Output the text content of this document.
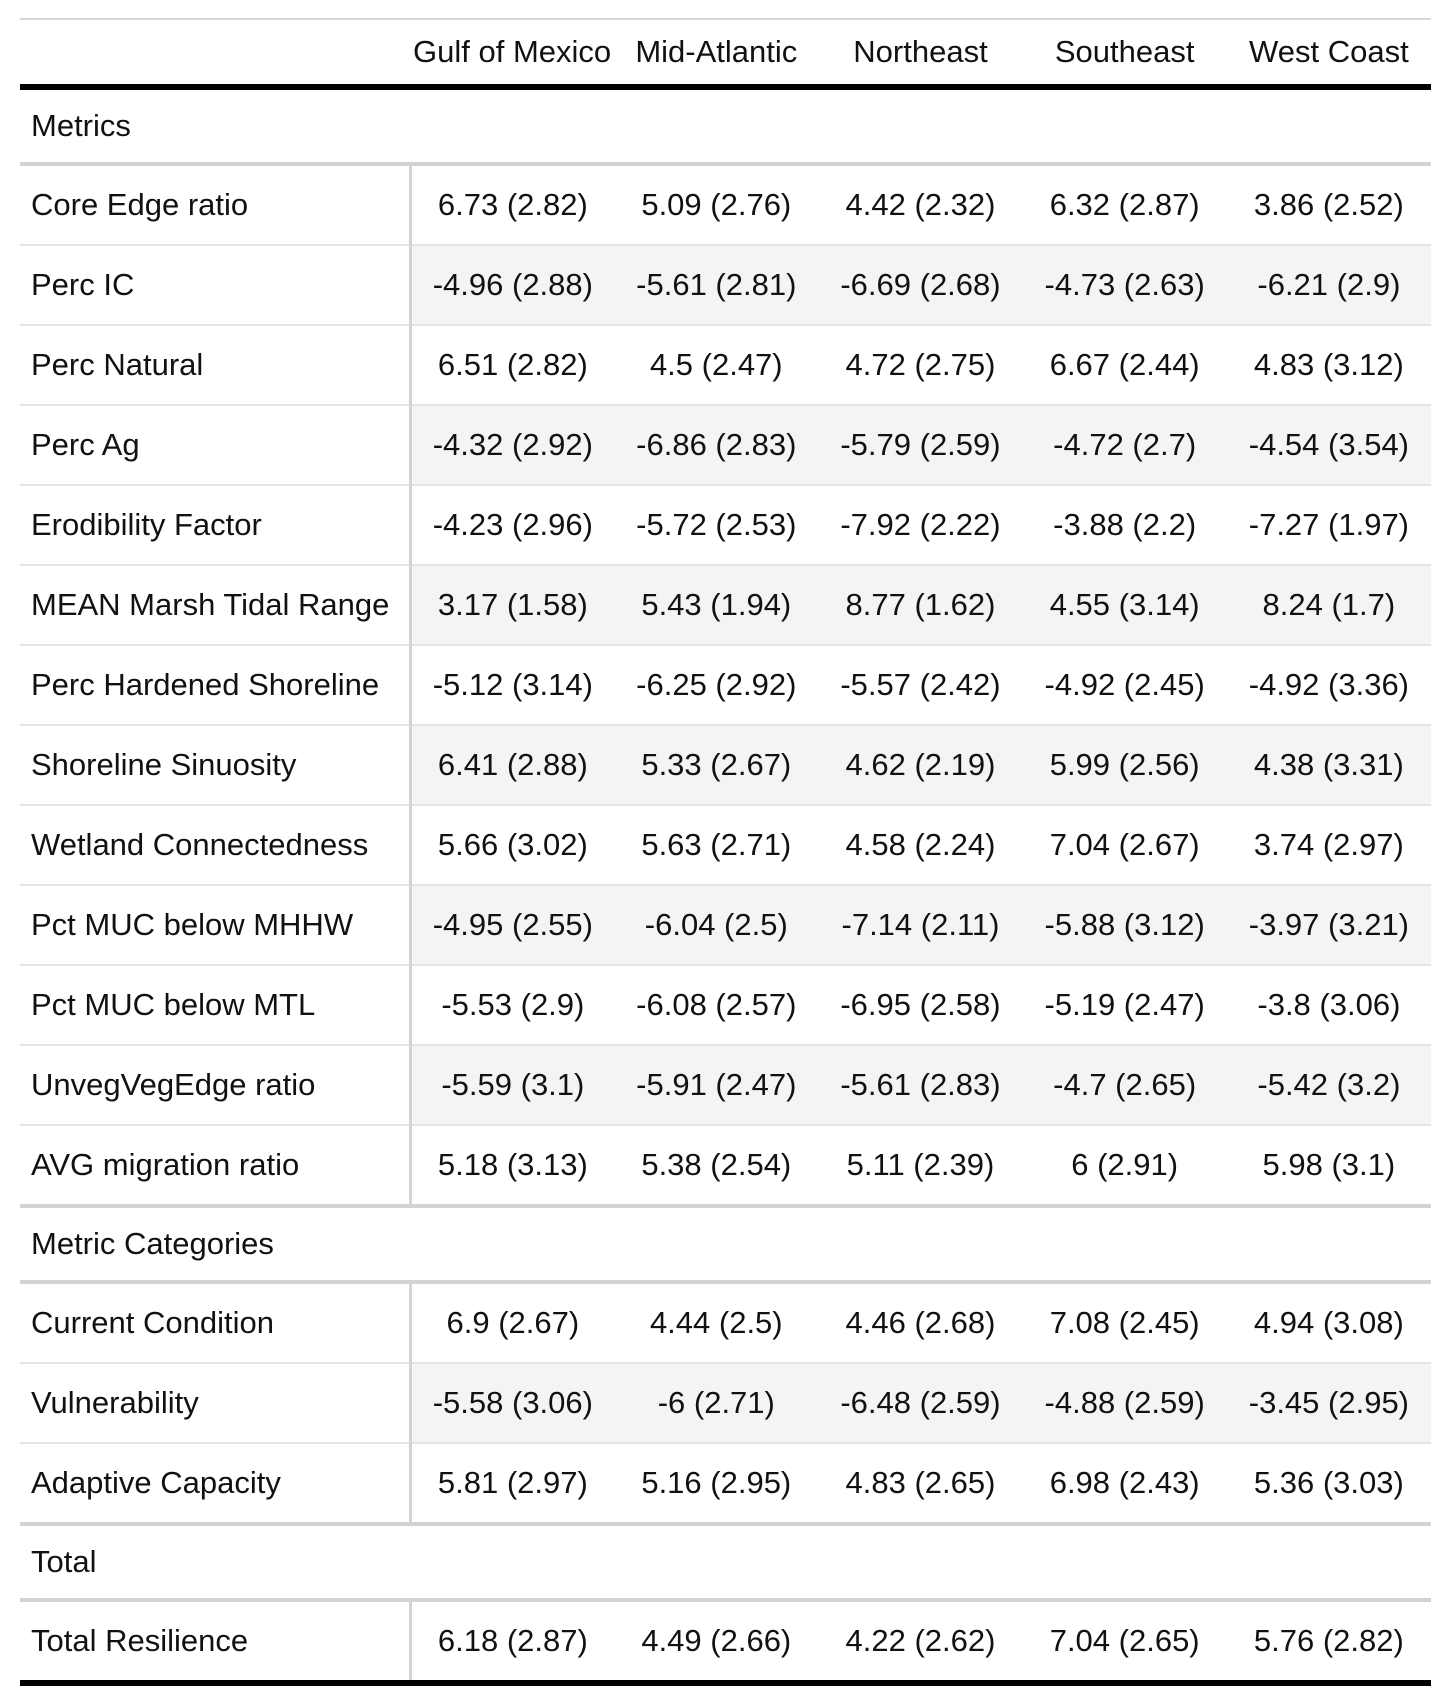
	Gulf of Mexico	Mid-Atlantic	Northeast	Southeast	West Coast
Metrics					
Core Edge ratio	6.73 (2.82)	5.09 (2.76)	4.42 (2.32)	6.32 (2.87)	3.86 (2.52)
Perc IC	-4.96 (2.88)	-5.61 (2.81)	-6.69 (2.68)	-4.73 (2.63)	-6.21 (2.9)
Perc Natural	6.51 (2.82)	4.5 (2.47)	4.72 (2.75)	6.67 (2.44)	4.83 (3.12)
Perc Ag	-4.32 (2.92)	-6.86 (2.83)	-5.79 (2.59)	-4.72 (2.7)	-4.54 (3.54)
Erodibility Factor	-4.23 (2.96)	-5.72 (2.53)	-7.92 (2.22)	-3.88 (2.2)	-7.27 (1.97)
MEAN Marsh Tidal Range	3.17 (1.58)	5.43 (1.94)	8.77 (1.62)	4.55 (3.14)	8.24 (1.7)
Perc Hardened Shoreline	-5.12 (3.14)	-6.25 (2.92)	-5.57 (2.42)	-4.92 (2.45)	-4.92 (3.36)
Shoreline Sinuosity	6.41 (2.88)	5.33 (2.67)	4.62 (2.19)	5.99 (2.56)	4.38 (3.31)
Wetland Connectedness	5.66 (3.02)	5.63 (2.71)	4.58 (2.24)	7.04 (2.67)	3.74 (2.97)
Pct MUC below MHHW	-4.95 (2.55)	-6.04 (2.5)	-7.14 (2.11)	-5.88 (3.12)	-3.97 (3.21)
Pct MUC below MTL	-5.53 (2.9)	-6.08 (2.57)	-6.95 (2.58)	-5.19 (2.47)	-3.8 (3.06)
UnvegVegEdge ratio	-5.59 (3.1)	-5.91 (2.47)	-5.61 (2.83)	-4.7 (2.65)	-5.42 (3.2)
AVG migration ratio	5.18 (3.13)	5.38 (2.54)	5.11 (2.39)	6 (2.91)	5.98 (3.1)
Metric Categories					
Current Condition	6.9 (2.67)	4.44 (2.5)	4.46 (2.68)	7.08 (2.45)	4.94 (3.08)
Vulnerability	-5.58 (3.06)	-6 (2.71)	-6.48 (2.59)	-4.88 (2.59)	-3.45 (2.95)
Adaptive Capacity	5.81 (2.97)	5.16 (2.95)	4.83 (2.65)	6.98 (2.43)	5.36 (3.03)
Total					
Total Resilience	6.18 (2.87)	4.49 (2.66)	4.22 (2.62)	7.04 (2.65)	5.76 (2.82)
